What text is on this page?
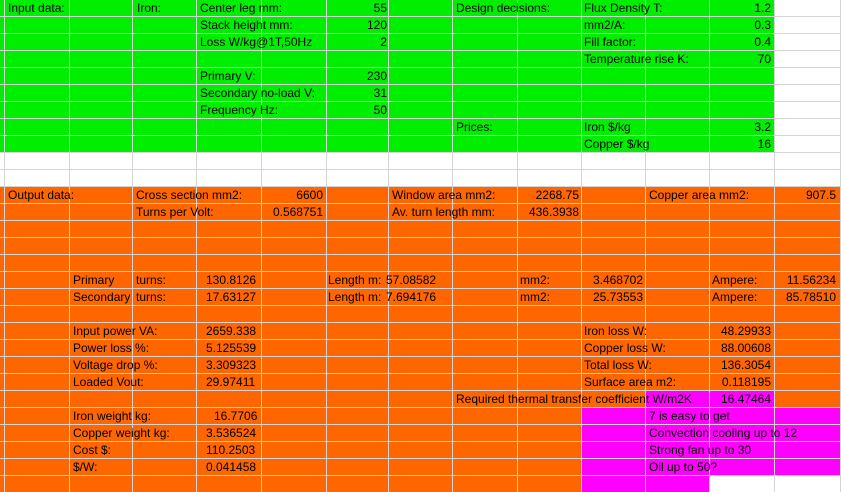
Input data:	Iron:	Center leg mm:	55	Design decisions:	Flux Density T:	1.2
Stack height mm:	120	mm2/A:	0.3
Loss W/kg@1T,50Hz	2	Fill factor:	0.4
Temperature rise K:	70
Primary V:	230
Secondary no-load V:	31
Frequency Hz:	50
Prices:	Iron $/kg	3.2
Copper $/kg	16
Output data:	Cross section mm2:	6600	Window area mm2:	2268.75	Copper area mm2:	907.5
Turns per Volt:	0.568751	Av. turn length mm:	436.3938
Primary turns:	130.8126	Length m: 57.08582	mm2:	3.468702	Ampere:	11.56234
Secondary turns:	17.63127	Length m: 7.694176	mm2:	25.73553	Ampere:	85.78510
Input power VA:	2659.338	Iron loss W:	48.29933
Power loss %:	5.125539	Copper loss W:	88.00608
Voltage drop %:	3.309323	Total loss W:	136.3054
Loaded Vout:	29.97411	Surface area m2:	0.118195
Required thermal transfer coefficient W/m2K	16.47464
Iron weight kg:	16.7706	7 is easy to get
Copper weight kg:	3.536524	Convection cooling up to 12
Cost $:	110.2503	Strong fan up to 30
$/W:	0.041458	Oil up to 50?
